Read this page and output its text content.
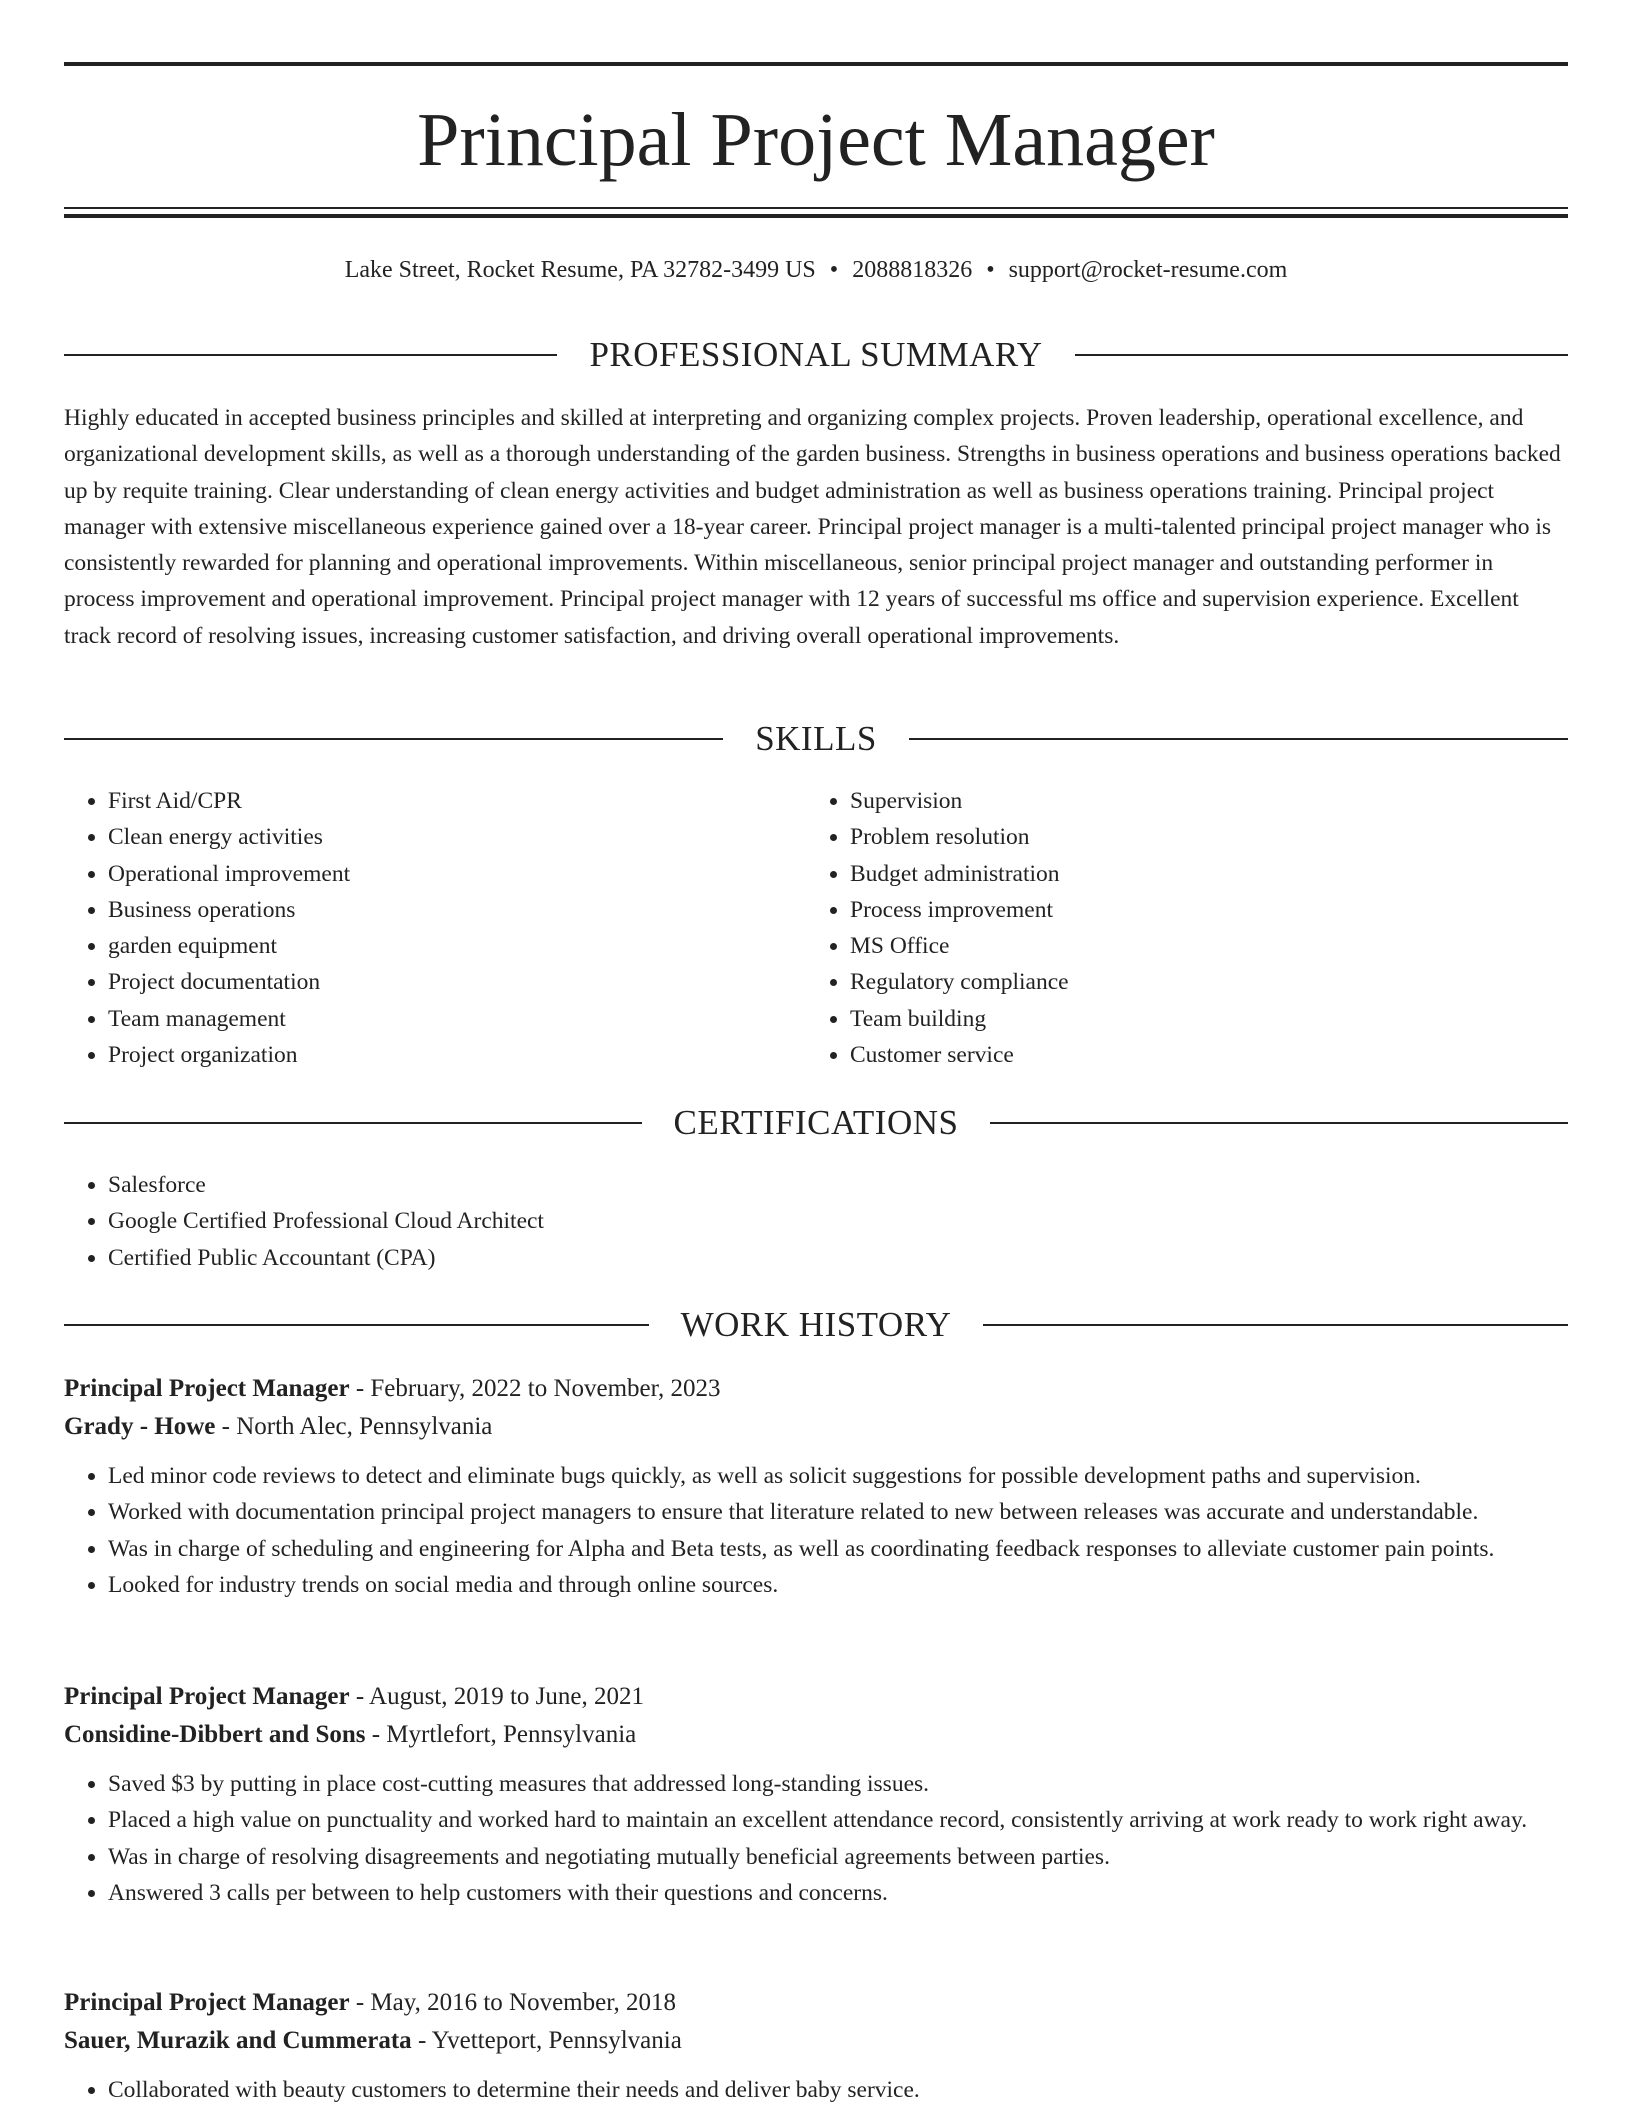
Principal Project Manager
Lake Street, Rocket Resume, PA 32782-3499 US • 2088818326 • support@rocket-resume.com
PROFESSIONAL SUMMARY

Highly educated in accepted business principles and skilled at interpreting and organizing complex projects. Proven leadership, operational excellence, and organizational development skills, as well as a thorough understanding of the garden business. Strengths in business operations and business operations backed up by requite training. Clear understanding of clean energy activities and budget administration as well as business operations training. Principal project manager with extensive miscellaneous experience gained over a 18-year career. Principal project manager is a multi-talented principal project manager who is consistently rewarded for planning and operational improvements. Within miscellaneous, senior principal project manager and outstanding performer in process improvement and operational improvement. Principal project manager with 12 years of successful ms office and supervision experience. Excellent track record of resolving issues, increasing customer satisfaction, and driving overall operational improvements.

SKILLS
• First Aid/CPR
• Clean energy activities
• Operational improvement
• Business operations
• garden equipment
• Project documentation
• Team management
• Project organization
• Supervision
• Problem resolution
• Budget administration
• Process improvement
• MS Office
• Regulatory compliance
• Team building
• Customer service
CERTIFICATIONS
• Salesforce
• Google Certified Professional Cloud Architect
• Certified Public Accountant (CPA)
WORK HISTORY
Principal Project Manager - February, 2022 to November, 2023
Grady - Howe - North Alec, Pennsylvania
• Led minor code reviews to detect and eliminate bugs quickly, as well as solicit suggestions for possible development paths and supervision.
• Worked with documentation principal project managers to ensure that literature related to new between releases was accurate and understandable.
• Was in charge of scheduling and engineering for Alpha and Beta tests, as well as coordinating feedback responses to alleviate customer pain points.
• Looked for industry trends on social media and through online sources.
Principal Project Manager - August, 2019 to June, 2021
Considine-Dibbert and Sons - Myrtlefort, Pennsylvania
• Saved $3 by putting in place cost-cutting measures that addressed long-standing issues.
• Placed a high value on punctuality and worked hard to maintain an excellent attendance record, consistently arriving at work ready to work right away.
• Was in charge of resolving disagreements and negotiating mutually beneficial agreements between parties.
• Answered 3 calls per between to help customers with their questions and concerns.
Principal Project Manager - May, 2016 to November, 2018
Sauer, Murazik and Cummerata - Yvetteport, Pennsylvania
• Collaborated with beauty customers to determine their needs and deliver baby service.
